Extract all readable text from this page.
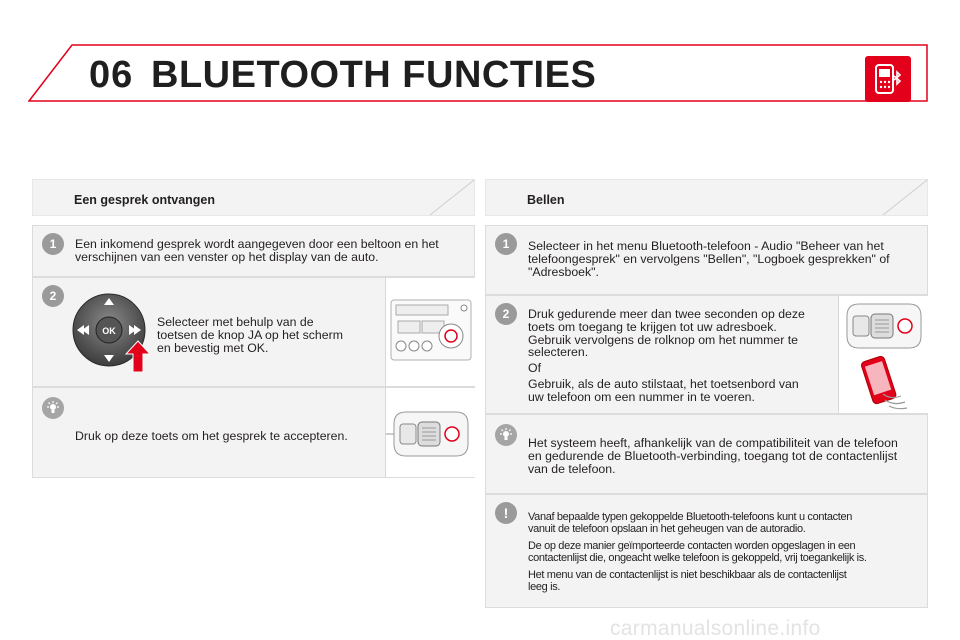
06 BLUETOOTH FUNCTIES
Een gesprek ontvangen
1	Een inkomend gesprek wordt aangegeven door een beltoon en het
verschijnen van een venster op het display van de auto.
2
OK
Selecteer met behulp van de
toetsen de knop JA op het scherm
en bevestig met OK.
Druk op deze toets om het gesprek te accepteren.
Bellen
1	Selecteer in het menu Bluetooth-telefoon - Audio "Beheer van het
telefoongesprek" en vervolgens "Bellen", "Logboek gesprekken" of
"Adresboek".
2	Druk gedurende meer dan twee seconden op deze
toets om toegang te krijgen tot uw adresboek.
Gebruik vervolgens de rolknop om het nummer te
selecteren.
Of
Gebruik, als de auto stilstaat, het toetsenbord van
uw telefoon om een nummer in te voeren.
Het systeem heeft, afhankelijk van de compatibiliteit van de telefoon
en gedurende de Bluetooth-verbinding, toegang tot de contactenlijst
van de telefoon.
!	Vanaf bepaalde typen gekoppelde Bluetooth-telefoons kunt u contacten
vanuit de telefoon opslaan in het geheugen van de autoradio.
De op deze manier geïmporteerde contacten worden opgeslagen in een
contactenlijst die, ongeacht welke telefoon is gekoppeld, vrij toegankelijk is.
Het menu van de contactenlijst is niet beschikbaar als de contactenlijst
leeg is.
carmanualsonline.info
